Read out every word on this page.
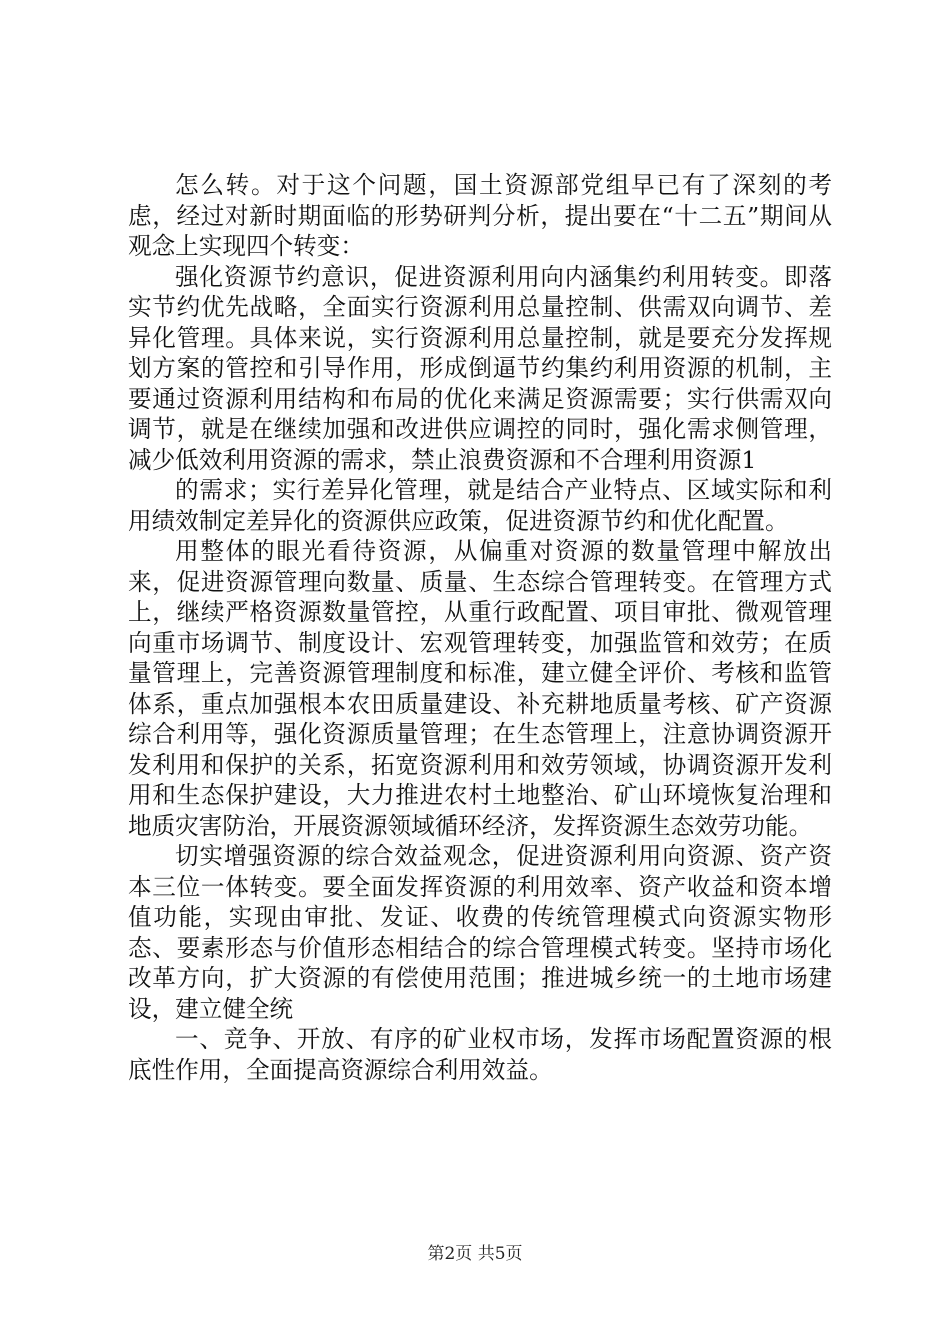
怎么转。对于这个问题，国土资源部党组早已有了深刻的考虑，经过对新时期面临的形势研判分析，提出要在“十二五”期间从观念上实现四个转变：

强化资源节约意识，促进资源利用向内涵集约利用转变。即落实节约优先战略，全面实行资源利用总量控制、供需双向调节、差异化管理。具体来说，实行资源利用总量控制，就是要充分发挥规划方案的管控和引导作用，形成倒逼节约集约利用资源的机制，主要通过资源利用结构和布局的优化来满足资源需要；实行供需双向调节，就是在继续加强和改进供应调控的同时，强化需求侧管理，减少低效利用资源的需求，禁止浪费资源和不合理利用资源1

的需求；实行差异化管理，就是结合产业特点、区域实际和利用绩效制定差异化的资源供应政策，促进资源节约和优化配置。

用整体的眼光看待资源，从偏重对资源的数量管理中解放出来，促进资源管理向数量、质量、生态综合管理转变。在管理方式上，继续严格资源数量管控，从重行政配置、项目审批、微观管理向重市场调节、制度设计、宏观管理转变，加强监管和效劳；在质量管理上，完善资源管理制度和标准，建立健全评价、考核和监管体系，重点加强根本农田质量建设、补充耕地质量考核、矿产资源综合利用等，强化资源质量管理；在生态管理上，注意协调资源开发利用和保护的关系，拓宽资源利用和效劳领域，协调资源开发利用和生态保护建设，大力推进农村土地整治、矿山环境恢复治理和地质灾害防治，开展资源领域循环经济，发挥资源生态效劳功能。

切实增强资源的综合效益观念，促进资源利用向资源、资产资本三位一体转变。要全面发挥资源的利用效率、资产收益和资本增值功能，实现由审批、发证、收费的传统管理模式向资源实物形态、要素形态与价值形态相结合的综合管理模式转变。坚持市场化改革方向，扩大资源的有偿使用范围；推进城乡统一的土地市场建设，建立健全统

一、竞争、开放、有序的矿业权市场，发挥市场配置资源的根底性作用，全面提高资源综合利用效益。

第2页 共5页
